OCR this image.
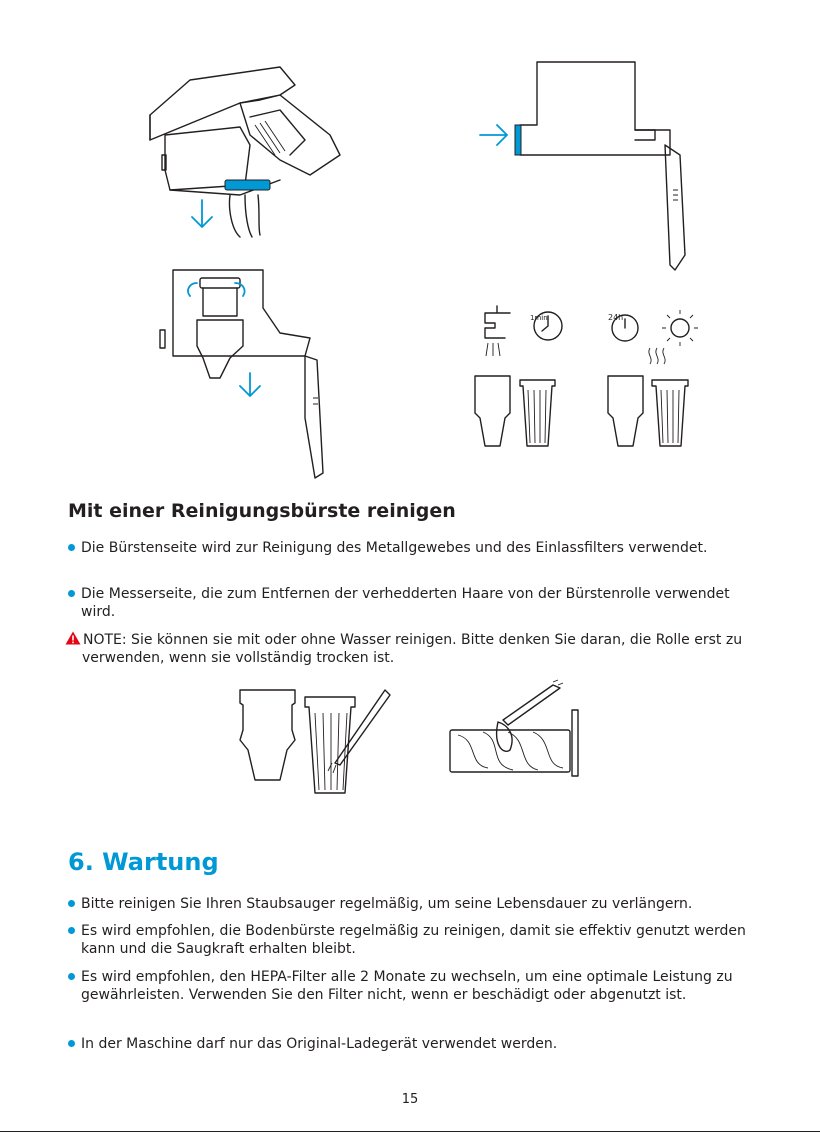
1min	24h
Mit einer Reinigungsbürste reinigen
Die Bürstenseite wird zur Reinigung des Metallgewebes und des Einlassfilters verwendet.
Die Messerseite, die zum Entfernen der verhedderten Haare von der Bürstenrolle verwendet wird.
NOTE: Sie können sie mit oder ohne Wasser reinigen. Bitte denken Sie daran, die Rolle erst zu verwenden, wenn sie vollständig trocken ist.
6. Wartung
Bitte reinigen Sie Ihren Staubsauger regelmäßig, um seine Lebensdauer zu verlängern.
Es wird empfohlen, die Bodenbürste regelmäßig zu reinigen, damit sie effektiv genutzt werden kann und die Saugkraft erhalten bleibt.
Es wird empfohlen, den HEPA-Filter alle 2 Monate zu wechseln, um eine optimale Leistung zu gewährleisten. Verwenden Sie den Filter nicht, wenn er beschädigt oder abgenutzt ist.
In der Maschine darf nur das Original-Ladegerät verwendet werden.
15
